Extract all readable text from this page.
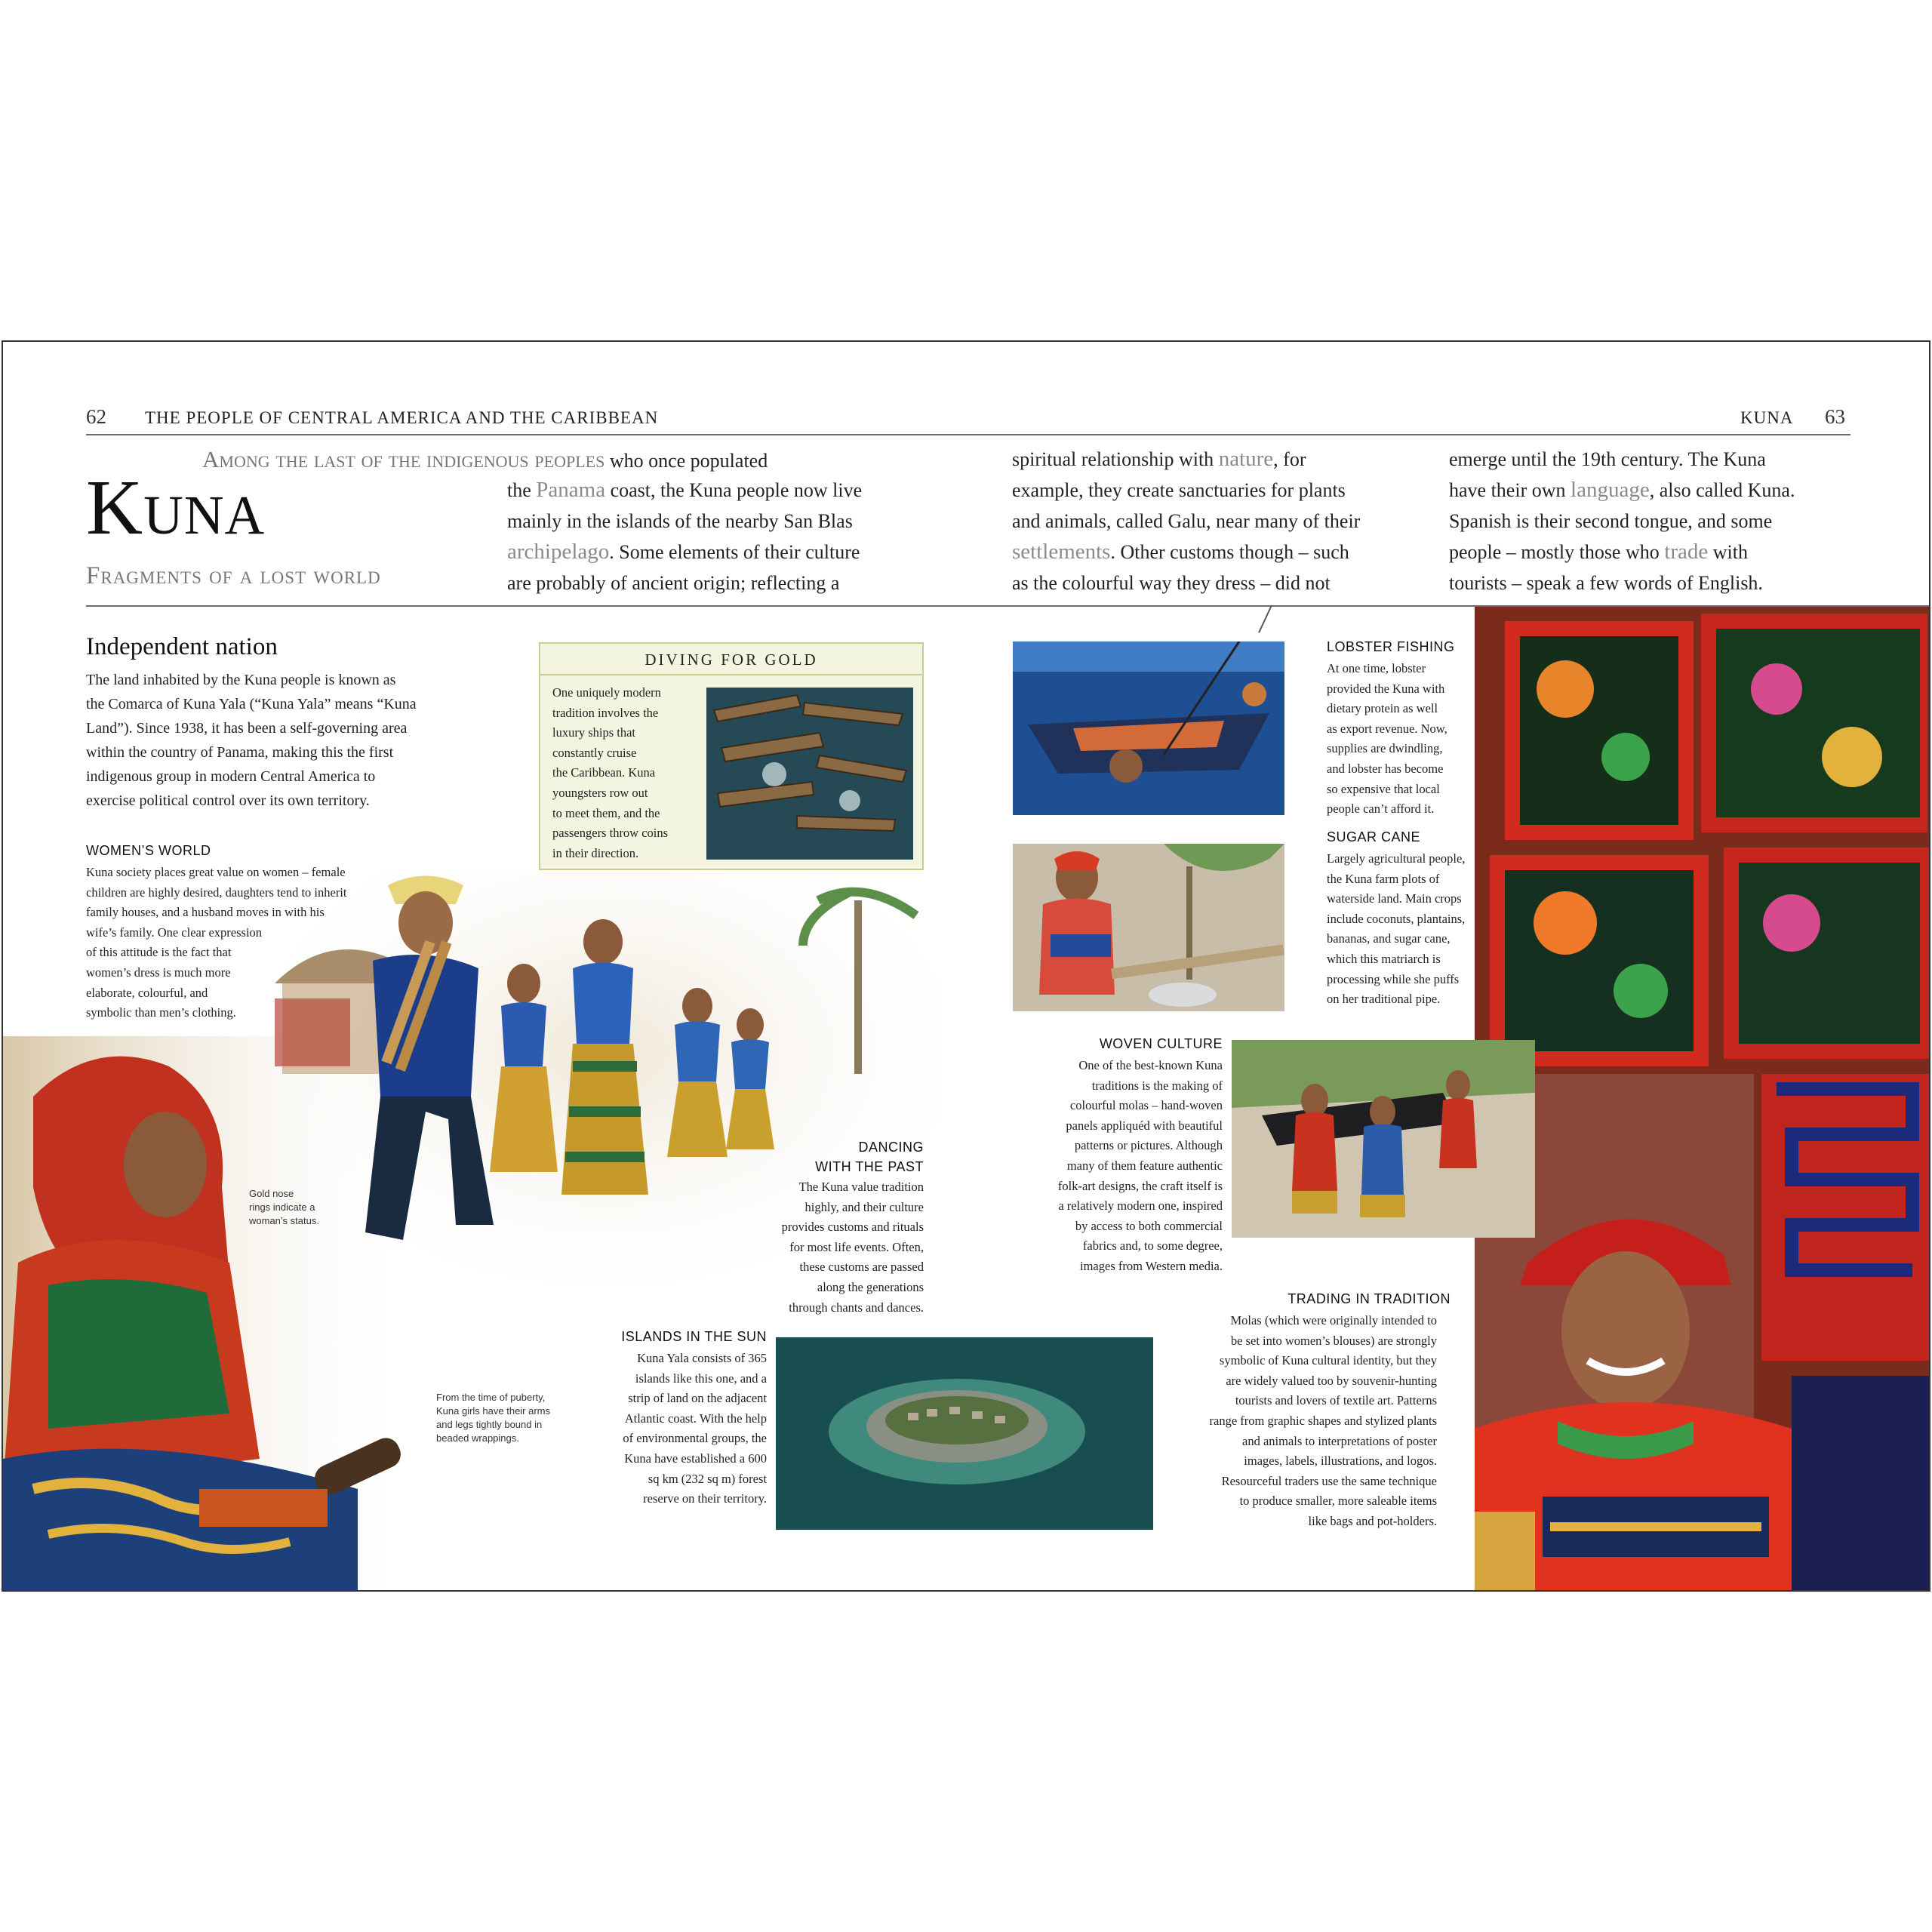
DIVING FOR GOLD
62 THE PEOPLE OF CENTRAL AMERICA AND THE CARIBBEAN	KUNA 63
Kuna
Fragments of a lost world
Among the last of the indigenous peoples who once populated
the Panama coast, the Kuna people now live
mainly in the islands of the nearby San Blas
archipelago. Some elements of their culture
are probably of ancient origin; reflecting a
spiritual relationship with nature, for
example, they create sanctuaries for plants
and animals, called Galu, near many of their
settlements. Other customs though – such
as the colourful way they dress – did not
emerge until the 19th century. The Kuna
have their own language, also called Kuna.
Spanish is their second tongue, and some
people – mostly those who trade with
tourists – speak a few words of English.
Independent nation
The land inhabited by the Kuna people is known as
the Comarca of Kuna Yala (“Kuna Yala” means “Kuna
Land”). Since 1938, it has been a self-governing area
within the country of Panama, making this the first
indigenous group in modern Central America to
exercise political control over its own territory.
WOMEN’S WORLD
Kuna society places great value on women – female
children are highly desired, daughters tend to inherit
family houses, and a husband moves in with his
wife’s family. One clear expression
of this attitude is the fact that
women’s dress is much more
elaborate, colourful, and
symbolic than men’s clothing.
One uniquely modern
tradition involves the
luxury ships that
constantly cruise
the Caribbean. Kuna
youngsters row out
to meet them, and the
passengers throw coins
in their direction.
Gold nose
rings indicate a
woman’s status.
From the time of puberty,
Kuna girls have their arms
and legs tightly bound in
beaded wrappings.
DANCING
WITH THE PAST
The Kuna value tradition
highly, and their culture
provides customs and rituals
for most life events. Often,
these customs are passed
along the generations
through chants and dances.
ISLANDS IN THE SUN
Kuna Yala consists of 365
islands like this one, and a
strip of land on the adjacent
Atlantic coast. With the help
of environmental groups, the
Kuna have established a 600
sq km (232 sq m) forest
reserve on their territory.
LOBSTER FISHING
At one time, lobster
provided the Kuna with
dietary protein as well
as export revenue. Now,
supplies are dwindling,
and lobster has become
so expensive that local
people can’t afford it.
SUGAR CANE
Largely agricultural people,
the Kuna farm plots of
waterside land. Main crops
include coconuts, plantains,
bananas, and sugar cane,
which this matriarch is
processing while she puffs
on her traditional pipe.
WOVEN CULTURE
One of the best-known Kuna
traditions is the making of
colourful molas – hand-woven
panels appliquéd with beautiful
patterns or pictures. Although
many of them feature authentic
folk-art designs, the craft itself is
a relatively modern one, inspired
by access to both commercial
fabrics and, to some degree,
images from Western media.
TRADING IN TRADITION
Molas (which were originally intended to
be set into women’s blouses) are strongly
symbolic of Kuna cultural identity, but they
are widely valued too by souvenir-hunting
tourists and lovers of textile art. Patterns
range from graphic shapes and stylized plants
and animals to interpretations of poster
images, labels, illustrations, and logos.
Resourceful traders use the same technique
to produce smaller, more saleable items
like bags and pot-holders.
